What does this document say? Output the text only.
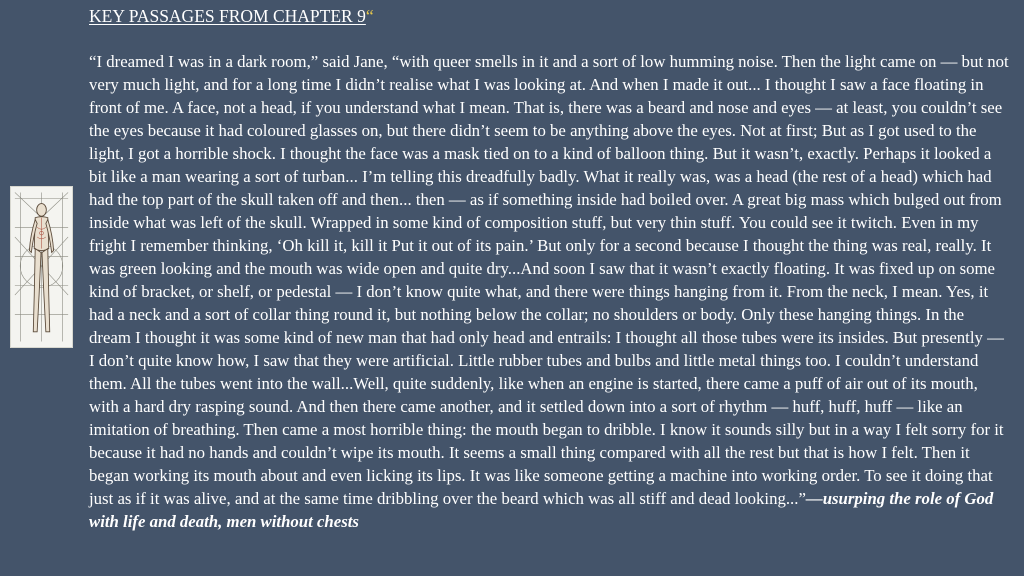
KEY PASSAGES FROM CHAPTER 9“

“I dreamed I was in a dark room,” said Jane, “with queer smells in it and a sort of low humming noise. Then the light came on — but not very much light, and for a long time I didn’t realise what I was looking at. And when I made it out... I thought I saw a face floating in front of me. A face, not a head, if you understand what I mean. That is, there was a beard and nose and eyes — at least, you couldn’t see the eyes because it had coloured glasses on, but there didn’t seem to be anything above the eyes. Not at first; But as I got used to the light, I got a horrible shock. I thought the face was a mask tied on to a kind of balloon thing. But it wasn’t, exactly. Perhaps it looked a bit like a man wearing a sort of turban... I’m telling this dreadfully badly. What it really was, was a head (the rest of a head) which had had the top part of the skull taken off and then... then — as if something inside had boiled over. A great big mass which bulged out from inside what was left of the skull. Wrapped in some kind of composition stuff, but very thin stuff. You could see it twitch. Even in my fright I remember thinking, ‘Oh kill it, kill it Put it out of its pain.’ But only for a second because I thought the thing was real, really. It was green looking and the mouth was wide open and quite dry...And soon I saw that it wasn’t exactly floating. It was fixed up on some kind of bracket, or shelf, or pedestal — I don’t know quite what, and there were things hanging from it. From the neck, I mean. Yes, it had a neck and a sort of collar thing round it, but nothing below the collar; no shoulders or body. Only these hanging things. In the dream I thought it was some kind of new man that had only head and entrails: I thought all those tubes were its insides. But presently — I don’t quite know how, I saw that they were artificial. Little rubber tubes and bulbs and little metal things too. I couldn’t understand them. All the tubes went into the wall...Well, quite suddenly, like when an engine is started, there came a puff of air out of its mouth, with a hard dry rasping sound. And then there came another, and it settled down into a sort of rhythm — huff, huff, huff — like an imitation of breathing. Then came a most horrible thing: the mouth began to dribble. I know it sounds silly but in a way I felt sorry for it because it had no hands and couldn’t wipe its mouth. It seems a small thing compared with all the rest but that is how I felt. Then it began working its mouth about and even licking its lips. It was like someone getting a machine into working order. To see it doing that just as if it was alive, and at the same time dribbling over the beard which was all stiff and dead looking...”—usurping the role of God with life and death, men without chests
